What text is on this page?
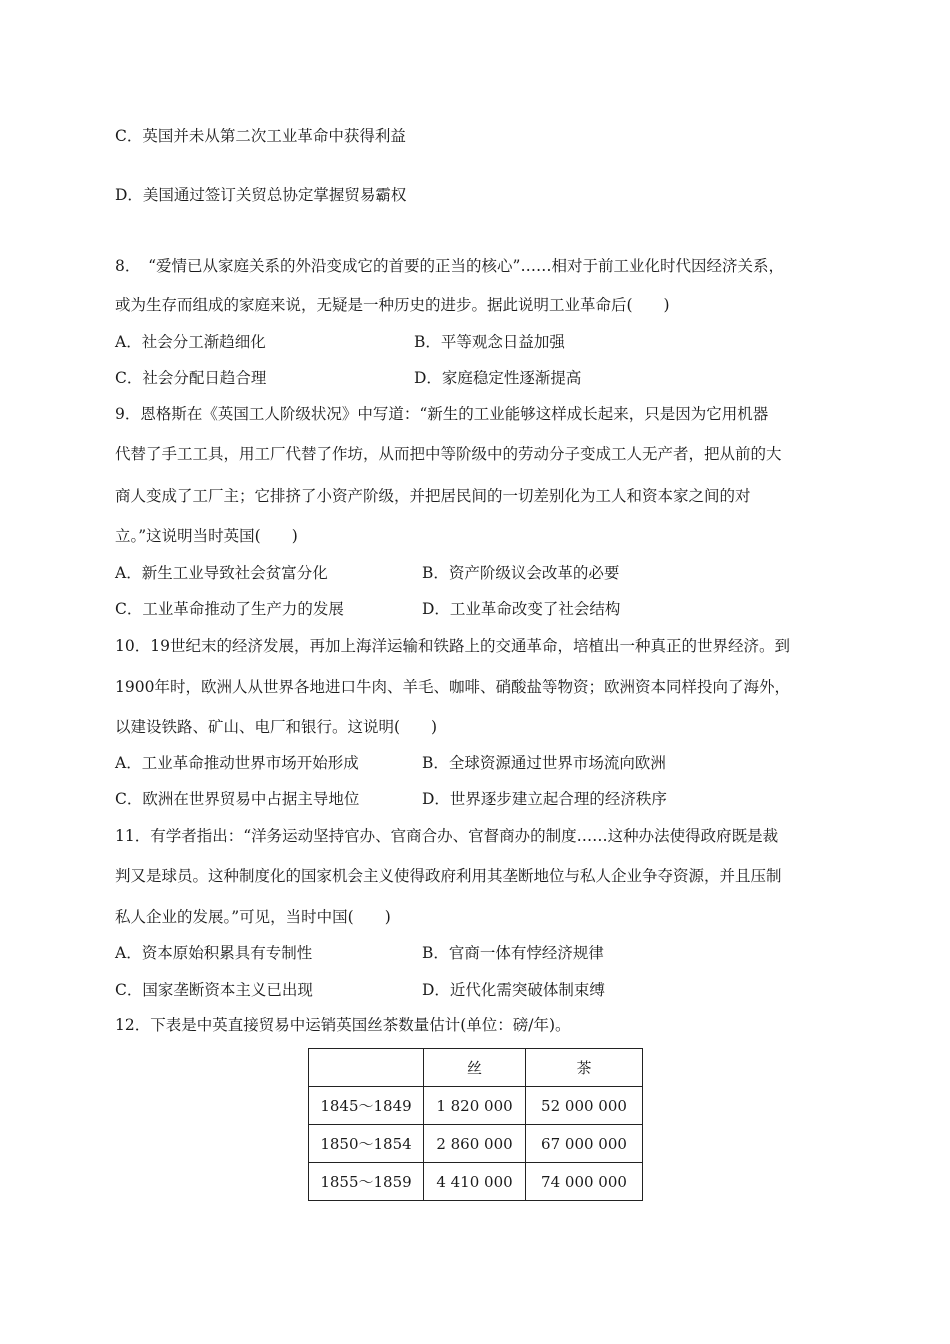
C．英国并未从第二次工业革命中获得利益
D．美国通过签订关贸总协定掌握贸易霸权
8．　“爱情已从家庭关系的外沿变成它的首要的正当的核心”……相对于前工业化时代因经济关系，
或为生存而组成的家庭来说，无疑是一种历史的进步。据此说明工业革命后(　　)
A．社会分工渐趋细化	B．平等观念日益加强
C．社会分配日趋合理	D．家庭稳定性逐渐提高
9．恩格斯在《英国工人阶级状况》中写道：“新生的工业能够这样成长起来，只是因为它用机器
代替了手工工具，用工厂代替了作坊，从而把中等阶级中的劳动分子变成工人无产者，把从前的大
商人变成了工厂主；它排挤了小资产阶级，并把居民间的一切差别化为工人和资本家之间的对
立。”这说明当时英国(　　)
A．新生工业导致社会贫富分化	B．资产阶级议会改革的必要
C．工业革命推动了生产力的发展	D．工业革命改变了社会结构
10．19世纪末的经济发展，再加上海洋运输和铁路上的交通革命，培植出一种真正的世界经济。到
1900年时，欧洲人从世界各地进口牛肉、羊毛、咖啡、硝酸盐等物资；欧洲资本同样投向了海外，
以建设铁路、矿山、电厂和银行。这说明(　　)
A．工业革命推动世界市场开始形成	B．全球资源通过世界市场流向欧洲
C．欧洲在世界贸易中占据主导地位	D．世界逐步建立起合理的经济秩序
11．有学者指出：“洋务运动坚持官办、官商合办、官督商办的制度……这种办法使得政府既是裁
判又是球员。这种制度化的国家机会主义使得政府利用其垄断地位与私人企业争夺资源，并且压制
私人企业的发展。”可见，当时中国(　　)
A．资本原始积累具有专制性	B．官商一体有悖经济规律
C．国家垄断资本主义已出现	D．近代化需突破体制束缚
12．下表是中英直接贸易中运销英国丝茶数量估计(单位：磅/年)。
	丝	茶
1845～1849	1 820 000	52 000 000
1850～1854	2 860 000	67 000 000
1855～1859	4 410 000	74 000 000
